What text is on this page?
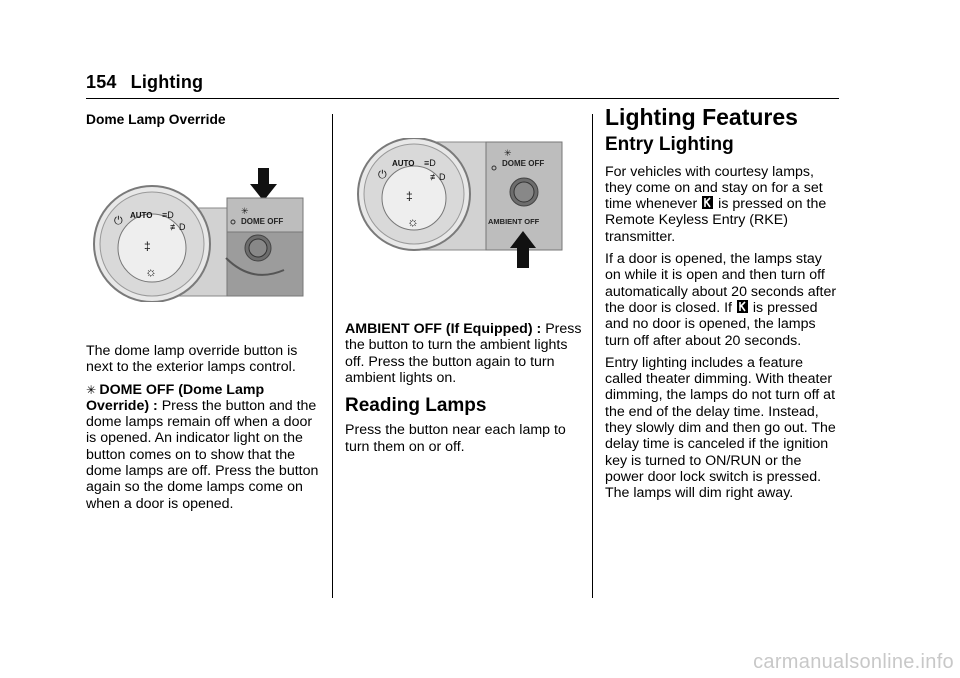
154 Lighting
Dome Lamp Override
✳
DOME OFF
AUTO
⏻	≡D
≢D
‡
☼

The dome lamp override button is next to the exterior lamps control.

✳ DOME OFF (Dome Lamp Override) : Press the button and the dome lamps remain off when a door is opened. An indicator light on the button comes on to show that the dome lamps are off. Press the button again so the dome lamps come on when a door is opened.

✳
DOME OFF
AMBIENT OFF
AUTO
⏻
≡D
≢D
‡
☼

AMBIENT OFF (If Equipped) : Press the button to turn the ambient lights off. Press the button again to turn ambient lights on.

Reading Lamps

Press the button near each lamp to turn them on or off.

Lighting Features
Entry Lighting

For vehicles with courtesy lamps, they come on and stay on for a set time whenever is pressed on the Remote Keyless Entry (RKE) transmitter.

If a door is opened, the lamps stay on while it is open and then turn off automatically about 20 seconds after the door is closed. If is pressed and no door is opened, the lamps turn off after about 20 seconds.

Entry lighting includes a feature called theater dimming. With theater dimming, the lamps do not turn off at the end of the delay time. Instead, they slowly dim and then go out. The delay time is canceled if the ignition key is turned to ON/RUN or the power door lock switch is pressed. The lamps will dim right away.

carmanualsonline.info
